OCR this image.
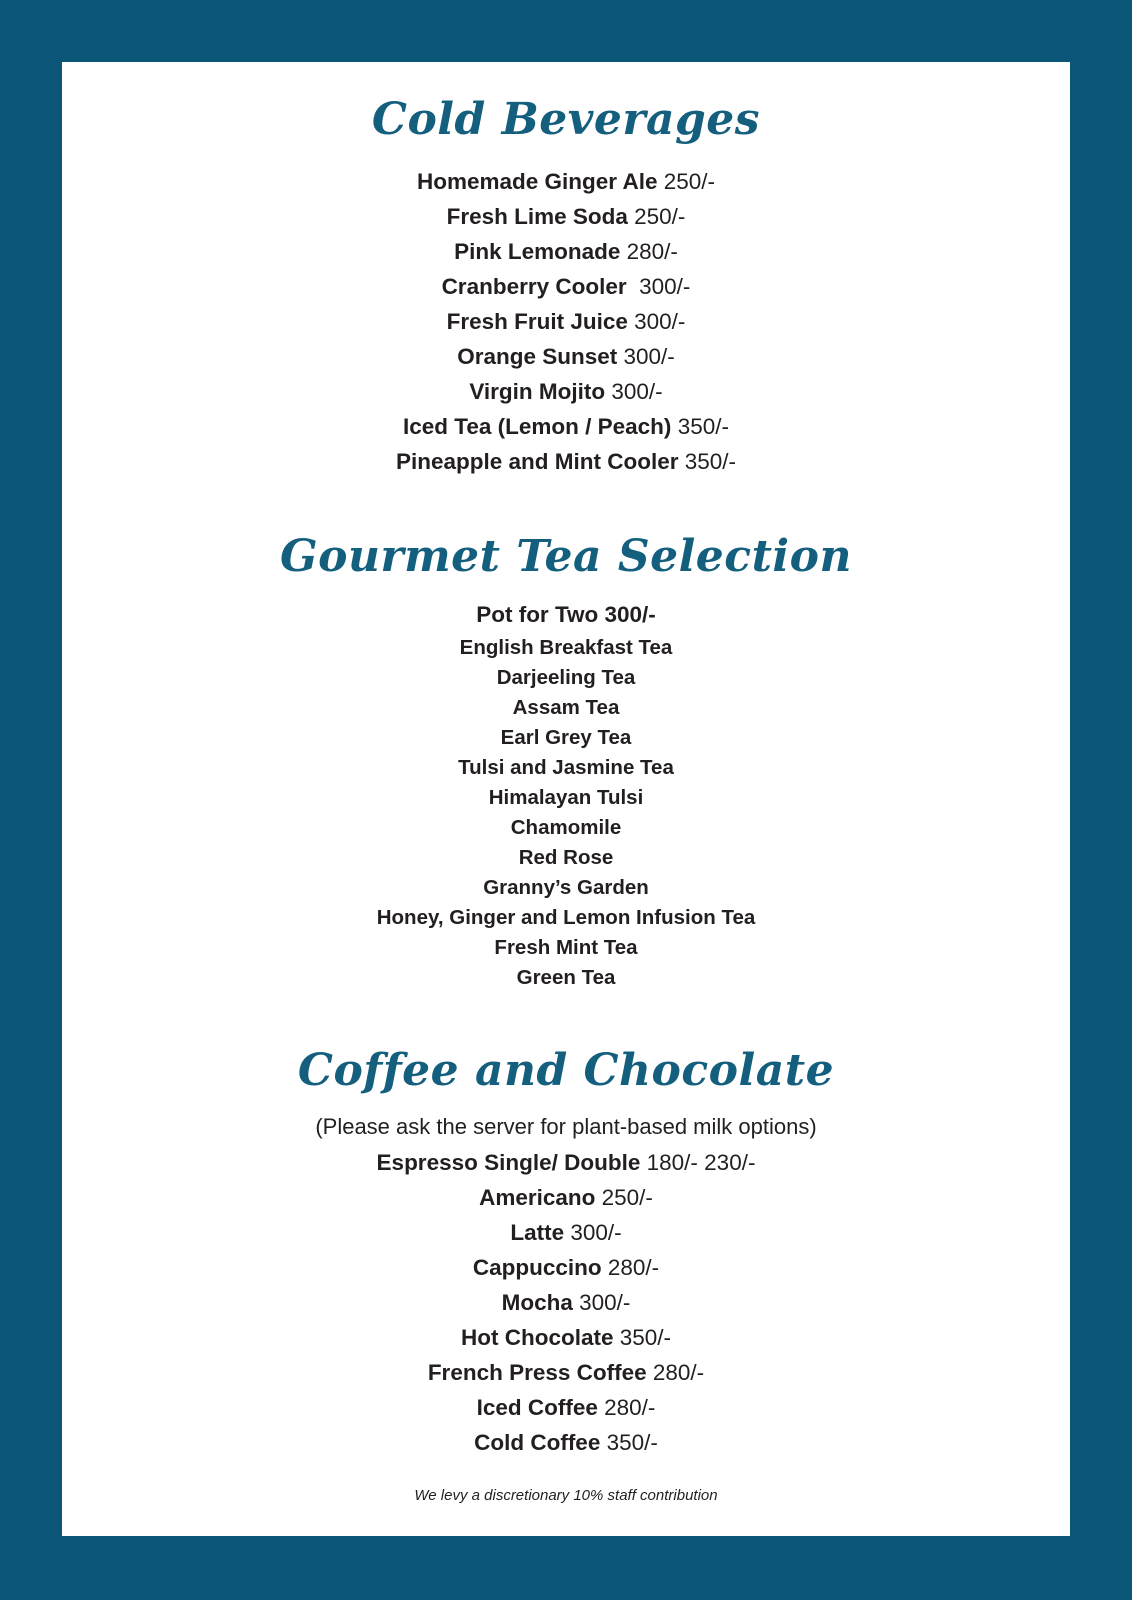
Cold Beverages
Homemade Ginger Ale 250/-
Fresh Lime Soda 250/-
Pink Lemonade 280/-
Cranberry Cooler  300/-
Fresh Fruit Juice 300/-
Orange Sunset 300/-
Virgin Mojito 300/-
Iced Tea (Lemon / Peach) 350/-
Pineapple and Mint Cooler 350/-
Gourmet Tea Selection
Pot for Two 300/-
English Breakfast Tea
Darjeeling Tea
Assam Tea
Earl Grey Tea
Tulsi and Jasmine Tea
Himalayan Tulsi
Chamomile
Red Rose
Granny’s Garden
Honey, Ginger and Lemon Infusion Tea
Fresh Mint Tea
Green Tea
Coffee and Chocolate
(Please ask the server for plant-based milk options)
Espresso Single/ Double 180/- 230/-
Americano 250/-
Latte 300/-
Cappuccino 280/-
Mocha 300/-
Hot Chocolate 350/-
French Press Coffee 280/-
Iced Coffee 280/-
Cold Coffee 350/-
We levy a discretionary 10% staff contribution
